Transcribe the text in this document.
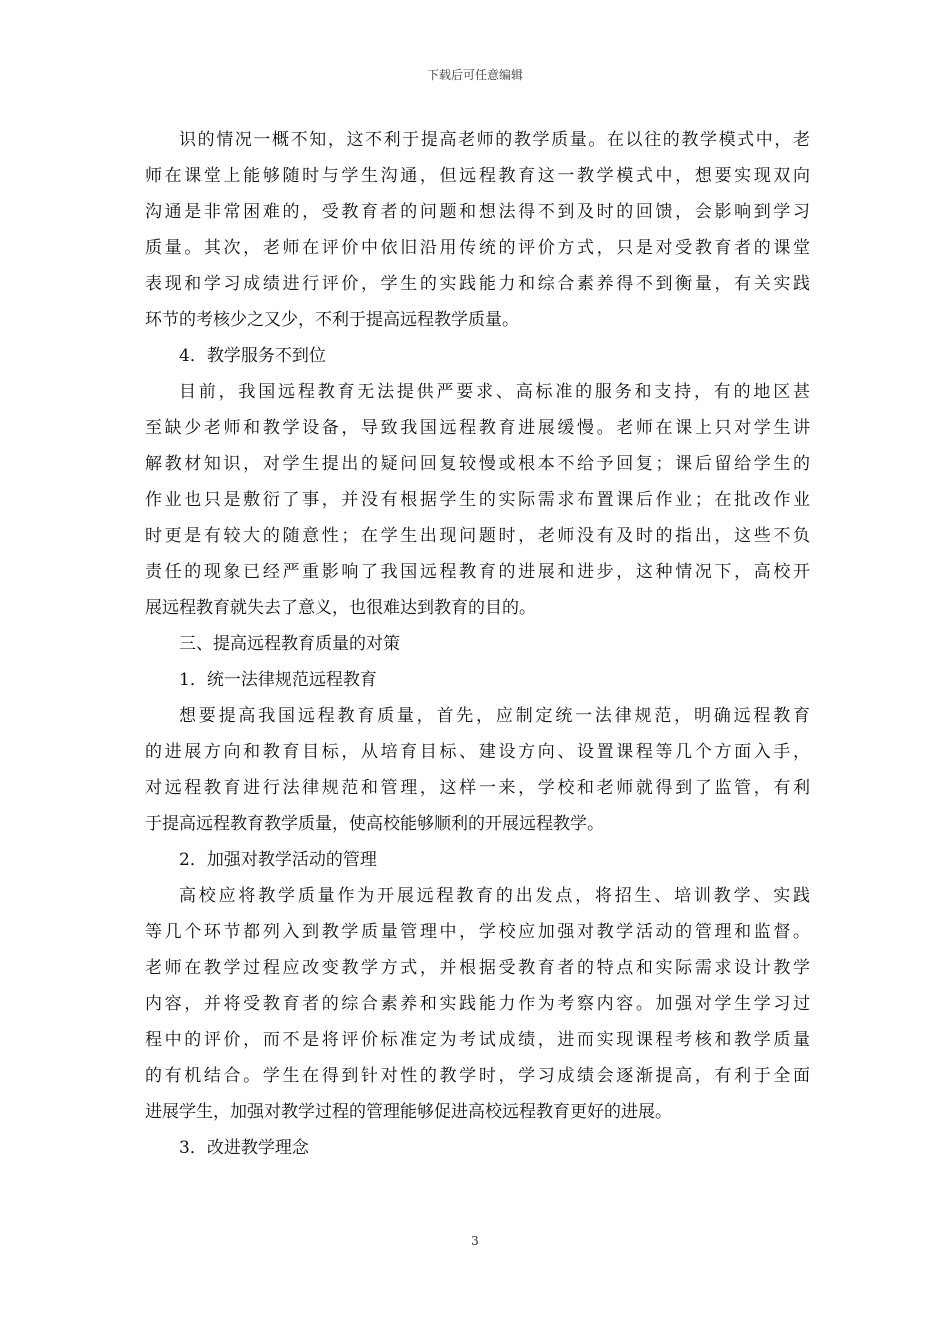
下载后可任意编辑
识的情况一概不知，这不利于提高老师的教学质量。在以往的教学模式中，老
师在课堂上能够随时与学生沟通，但远程教育这一教学模式中，想要实现双向
沟通是非常困难的，受教育者的问题和想法得不到及时的回馈，会影响到学习
质量。其次，老师在评价中依旧沿用传统的评价方式，只是对受教育者的课堂
表现和学习成绩进行评价，学生的实践能力和综合素养得不到衡量，有关实践
环节的考核少之又少，不利于提高远程教学质量。
4．教学服务不到位
目前，我国远程教育无法提供严要求、高标准的服务和支持，有的地区甚
至缺少老师和教学设备，导致我国远程教育进展缓慢。老师在课上只对学生讲
解教材知识，对学生提出的疑问回复较慢或根本不给予回复；课后留给学生的
作业也只是敷衍了事，并没有根据学生的实际需求布置课后作业；在批改作业
时更是有较大的随意性；在学生出现问题时，老师没有及时的指出，这些不负
责任的现象已经严重影响了我国远程教育的进展和进步，这种情况下，高校开
展远程教育就失去了意义，也很难达到教育的目的。
三、提高远程教育质量的对策
1．统一法律规范远程教育
想要提高我国远程教育质量，首先，应制定统一法律规范，明确远程教育
的进展方向和教育目标，从培育目标、建设方向、设置课程等几个方面入手，
对远程教育进行法律规范和管理，这样一来，学校和老师就得到了监管，有利
于提高远程教育教学质量，使高校能够顺利的开展远程教学。
2．加强对教学活动的管理
高校应将教学质量作为开展远程教育的出发点，将招生、培训教学、实践
等几个环节都列入到教学质量管理中，学校应加强对教学活动的管理和监督。
老师在教学过程应改变教学方式，并根据受教育者的特点和实际需求设计教学
内容，并将受教育者的综合素养和实践能力作为考察内容。加强对学生学习过
程中的评价，而不是将评价标准定为考试成绩，进而实现课程考核和教学质量
的有机结合。学生在得到针对性的教学时，学习成绩会逐渐提高，有利于全面
进展学生，加强对教学过程的管理能够促进高校远程教育更好的进展。
3．改进教学理念
3
